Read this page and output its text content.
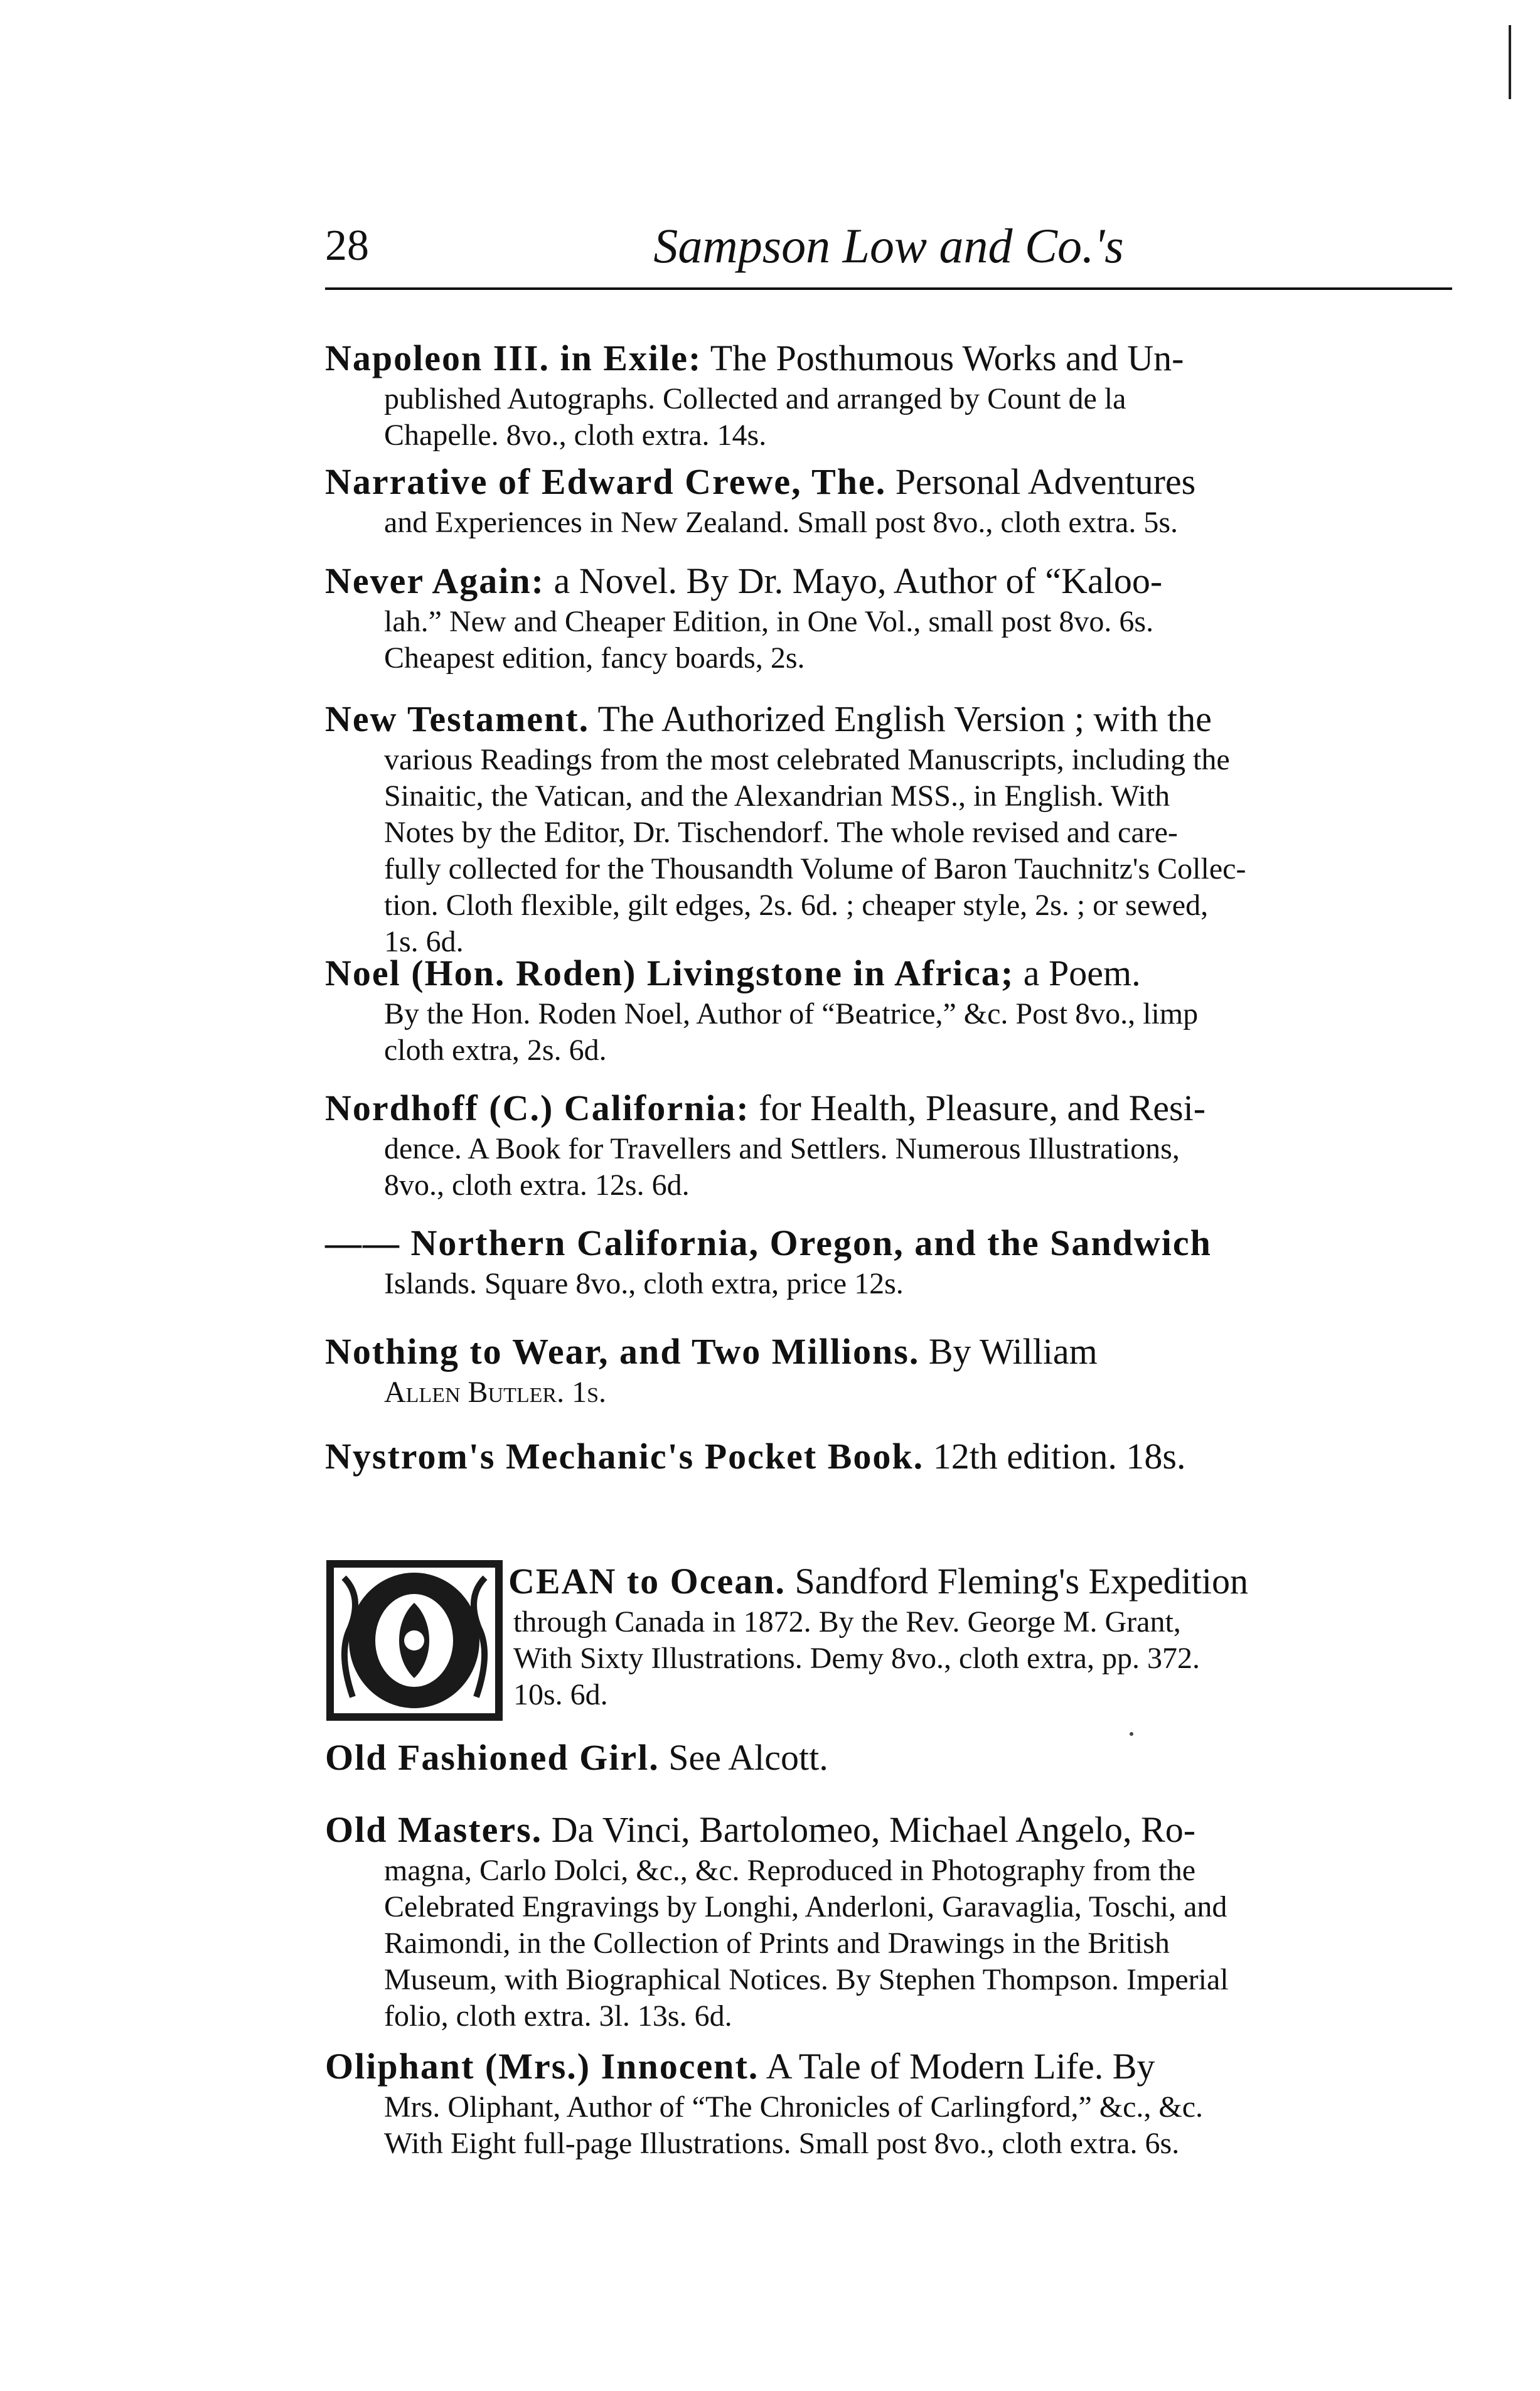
28	Sampson Low and Co.'s
Napoleon III. in Exile: The Posthumous Works and Un-
published Autographs. Collected and arranged by Count de la
Chapelle. 8vo., cloth extra. 14s.
Narrative of Edward Crewe, The. Personal Adventures
and Experiences in New Zealand. Small post 8vo., cloth extra. 5s.
Never Again: a Novel. By Dr. Mayo, Author of “Kaloo-
lah.” New and Cheaper Edition, in One Vol., small post 8vo. 6s.
Cheapest edition, fancy boards, 2s.
New Testament. The Authorized English Version ; with the
various Readings from the most celebrated Manuscripts, including the
Sinaitic, the Vatican, and the Alexandrian MSS., in English. With
Notes by the Editor, Dr. Tischendorf. The whole revised and care-
fully collected for the Thousandth Volume of Baron Tauchnitz's Collec-
tion. Cloth flexible, gilt edges, 2s. 6d. ; cheaper style, 2s. ; or sewed,
1s. 6d.
Noel (Hon. Roden) Livingstone in Africa; a Poem.
By the Hon. Roden Noel, Author of “Beatrice,” &c. Post 8vo., limp
cloth extra, 2s. 6d.
Nordhoff (C.) California: for Health, Pleasure, and Resi-
dence. A Book for Travellers and Settlers. Numerous Illustrations,
8vo., cloth extra. 12s. 6d.
—— Northern California, Oregon, and the Sandwich
Islands. Square 8vo., cloth extra, price 12s.
Nothing to Wear, and Two Millions. By William
Allen Butler. 1s.
Nystrom's Mechanic's Pocket Book. 12th edition. 18s.
CEAN to Ocean. Sandford Fleming's Expedition
through Canada in 1872. By the Rev. George M. Grant,
With Sixty Illustrations. Demy 8vo., cloth extra, pp. 372.
10s. 6d.
Old Fashioned Girl. See Alcott.
Old Masters. Da Vinci, Bartolomeo, Michael Angelo, Ro-
magna, Carlo Dolci, &c., &c. Reproduced in Photography from the
Celebrated Engravings by Longhi, Anderloni, Garavaglia, Toschi, and
Raimondi, in the Collection of Prints and Drawings in the British
Museum, with Biographical Notices. By Stephen Thompson. Imperial
folio, cloth extra. 3l. 13s. 6d.
Oliphant (Mrs.) Innocent. A Tale of Modern Life. By
Mrs. Oliphant, Author of “The Chronicles of Carlingford,” &c., &c.
With Eight full-page Illustrations. Small post 8vo., cloth extra. 6s.
